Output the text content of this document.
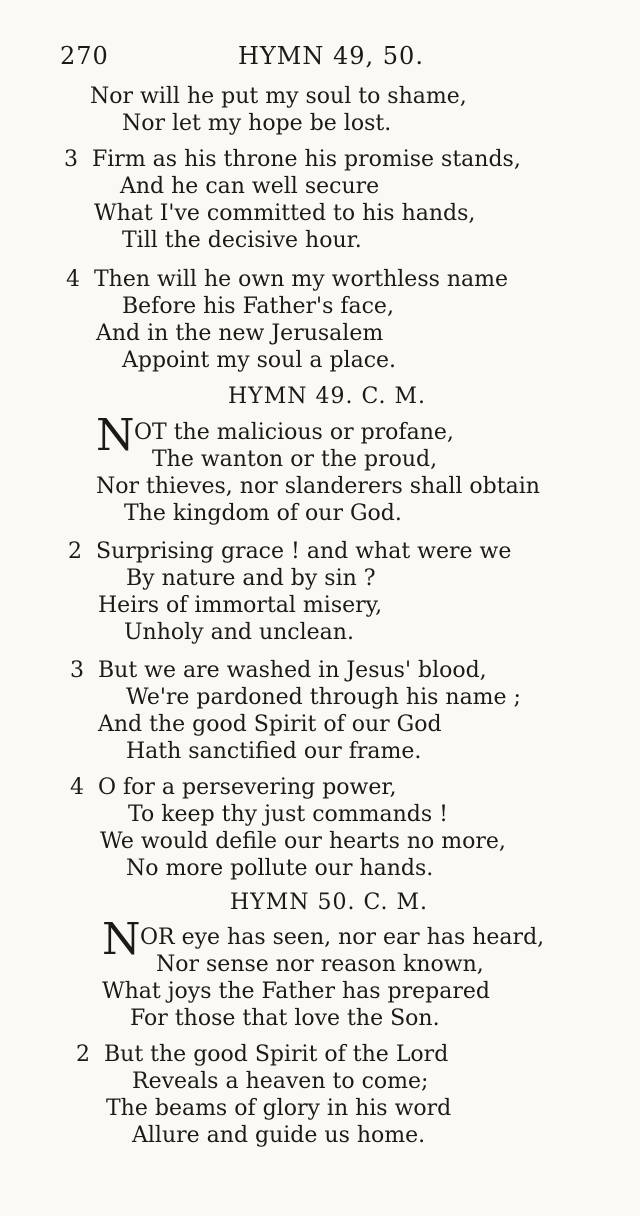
270	HYMN 49, 50.
Nor will he put my soul to shame,
Nor let my hope be lost.
3 Firm as his throne his promise stands,
And he can well secure
What I've committed to his hands,
Till the decisive hour.
4 Then will he own my worthless name
Before his Father's face,
And in the new Jerusalem
Appoint my soul a place.
HYMN 49. C. M.
N OT the malicious or profane,
The wanton or the proud,
Nor thieves, nor slanderers shall obtain
The kingdom of our God.
2 Surprising grace ! and what were we
By nature and by sin ?
Heirs of immortal misery,
Unholy and unclean.
3 But we are washed in Jesus' blood,
We're pardoned through his name ;
And the good Spirit of our God
Hath sanctified our frame.
4 O for a persevering power,
To keep thy just commands !
We would defile our hearts no more,
No more pollute our hands.
HYMN 50. C. M.
N OR eye has seen, nor ear has heard,
Nor sense nor reason known,
What joys the Father has prepared
For those that love the Son.
2 But the good Spirit of the Lord
Reveals a heaven to come;
The beams of glory in his word
Allure and guide us home.
